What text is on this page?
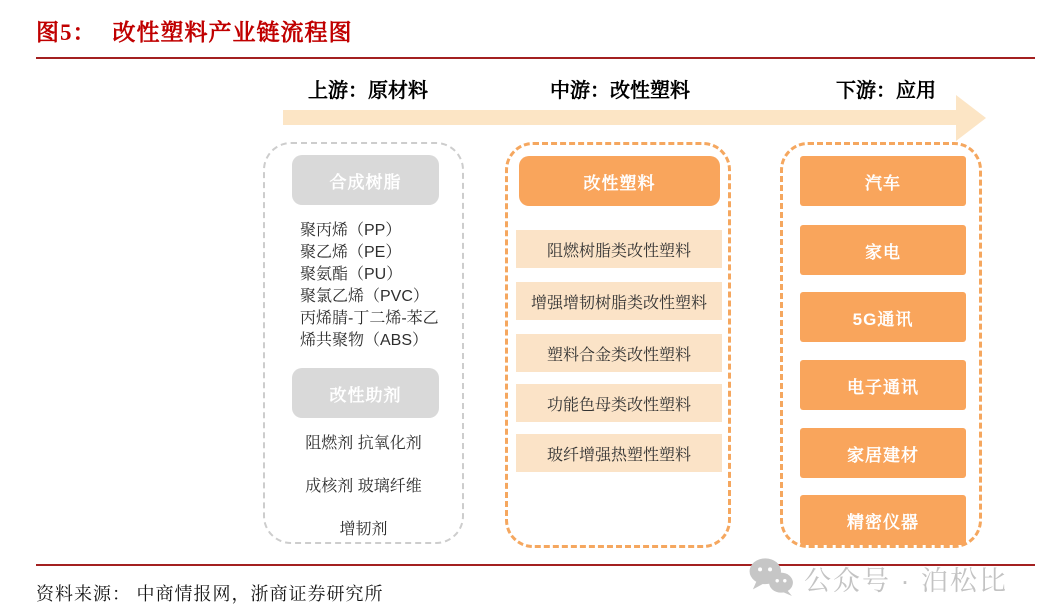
图5： 改性塑料产业链流程图
上游：原材料	中游：改性塑料	下游：应用
合成树脂
聚丙烯（PP）
聚乙烯（PE）
聚氨酯（PU）
聚氯乙烯（PVC）
丙烯腈-丁二烯-苯乙
烯共聚物（ABS）
改性助剂
阻燃剂 抗氧化剂
成核剂 玻璃纤维
增韧剂
改性塑料
阻燃树脂类改性塑料
增强增韧树脂类改性塑料
塑料合金类改性塑料
功能色母类改性塑料
玻纤增强热塑性塑料
汽车
家电
5G通讯
电子通讯
家居建材
精密仪器
资料来源： 中商情报网，浙商证券研究所	公众号 · 泊松比
